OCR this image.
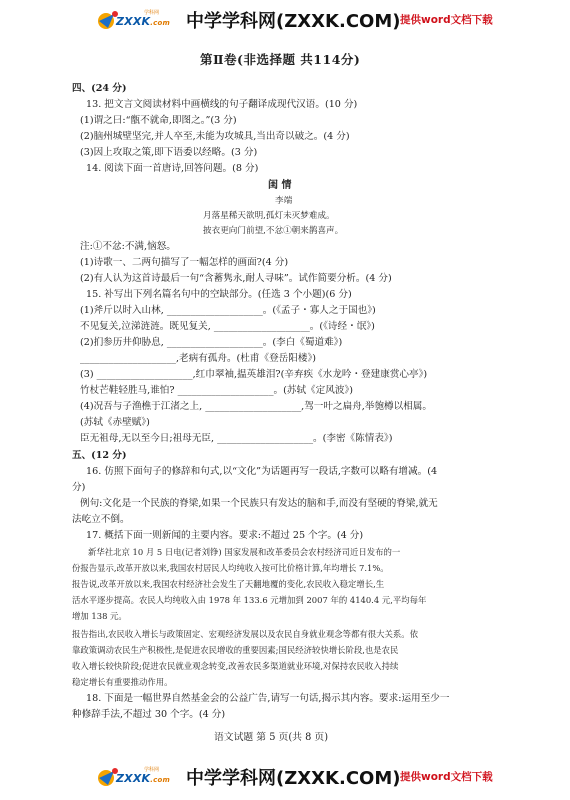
ZXXK.com
学科网 中学学科网(ZXXK.COM) 提供word文档下载
第Ⅱ卷(非选择题 共114分)
四、(24 分)
13. 把文言文阅读材料中画横线的句子翻译成现代汉语。(10 分)
(1)谓之曰:“甑不就命,即图之。”(3 分)
(2)脑州城壁坚完,并人卒至,未能为攻城具,当出奇以破之。(4 分)
(3)因上攻取之策,即下语委以经略。(3 分)
14. 阅读下面一首唐诗,回答问题。(8 分)
闺 情
李端
月落星稀天欲明,孤灯未灭梦难成。
披衣更向门前望,不忿①朝来鹊喜声。
注:①不忿:不满,恼怒。
(1)诗歌一、二两句描写了一幅怎样的画面?(4 分)
(2)有人认为这首诗最后一句“含蓄隽永,耐人寻味”。试作简要分析。(4 分)
15. 补写出下列名篇名句中的空缺部分。(任选 3 个小题)(6 分)
(1)斧斤以时入山林, ____________________。(《孟子・寡人之于国也》)
不见复关,泣涕涟涟。既见复关, ____________________。(《诗经・氓》)
(2)扪参历井仰胁息, ____________________。(李白《蜀道难》)
____________________,老病有孤舟。(杜甫《登岳阳楼》)
(3) ____________________,红巾翠袖,揾英雄泪?(辛弃疾《水龙吟・登建康赏心亭》)
竹杖芒鞋轻胜马,谁怕? ____________________。(苏轼《定风波》)
(4)况吾与子渔樵于江渚之上, ____________________,驾一叶之扁舟,举匏樽以相属。
(苏轼《赤壁赋》)
臣无祖母,无以至今日;祖母无臣, ____________________。(李密《陈情表》)
五、(12 分)
16. 仿照下面句子的修辞和句式,以“文化”为话题再写一段话,字数可以略有增减。(4
分)
例句:文化是一个民族的脊梁,如果一个民族只有发达的脑和手,而没有坚硬的脊梁,就无
法屹立不倒。
17. 概括下面一则新闻的主要内容。要求:不超过 25 个字。(4 分)
新华社北京 10 月 5 日电(记者刘铮) 国家发展和改革委员会农村经济司近日发布的一
份报告显示,改革开放以来,我国农村居民人均纯收入按可比价格计算,年均增长 7.1%。
报告说,改革开放以来,我国农村经济社会发生了天翻地覆的变化,农民收入稳定增长,生
活水平逐步提高。农民人均纯收入由 1978 年 133.6 元增加到 2007 年的 4140.4 元,平均每年
增加 138 元。
报告指出,农民收入增长与政策固定、宏观经济发展以及农民自身就业观念等都有很大关系。依
靠政策调动农民生产积极性,是促进农民增收的重要因素;国民经济较快增长阶段,也是农民
收入增长较快阶段;促进农民就业观念转变,改善农民多渠道就业环境,对保持农民收入持续
稳定增长有重要推动作用。
18. 下面是一幅世界自然基金会的公益广告,请写一句话,揭示其内容。要求:运用至少一
种修辞手法,不超过 30 个字。(4 分)
语文试题 第 5 页(共 8 页)
ZXXK.com
学科网 中学学科网(ZXXK.COM) 提供word文档下载
